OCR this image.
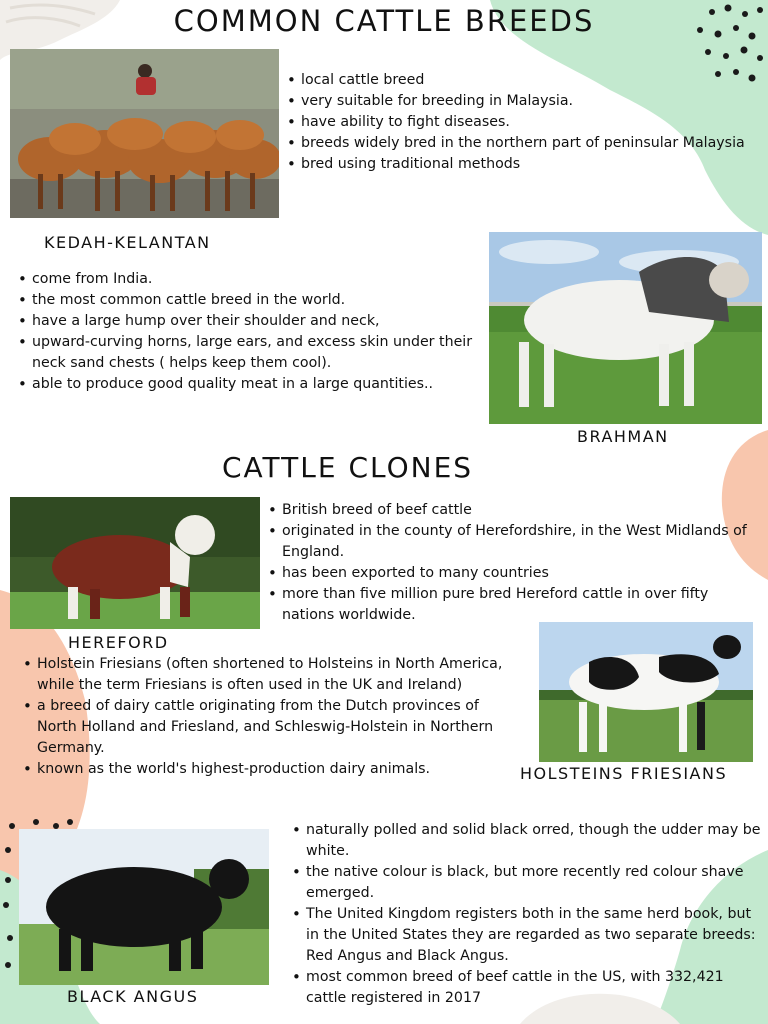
COMMON CATTLE BREEDS
CATTLE CLONES
KEDAH-KELANTAN
• local cattle breed
• very suitable for breeding in Malaysia.
• have ability to fight diseases.
• breeds widely bred in the northern part of peninsular Malaysia
• bred using traditional methods
BRAHMAN
• come from India.
• the most common cattle breed in the world.
• have a large hump over their shoulder and neck,
• upward-curving horns, large ears, and excess skin under their neck sand chests ( helps keep them cool).
• able to produce good quality meat in a large quantities..
HEREFORD
• British breed of beef cattle
• originated in the county of Herefordshire, in the West Midlands of England.
• has been exported to many countries
• more than five million pure bred Hereford cattle in over fifty nations worldwide.
HOLSTEINS FRIESIANS
• Holstein Friesians (often shortened to Holsteins in North America, while the term Friesians is often used in the UK and Ireland)
• a breed of dairy cattle originating from the Dutch provinces of North Holland and Friesland, and Schleswig-Holstein in Northern Germany.
• known as the world's highest-production dairy animals.
BLACK ANGUS
• naturally polled and solid black orred, though the udder may be white.
• the native colour is black, but more recently red colour shave emerged.
• The United Kingdom registers both in the same herd book, but in the United States they are regarded as two separate breeds: Red Angus and Black Angus.
• most common breed of beef cattle in the US, with 332,421 cattle registered in 2017
